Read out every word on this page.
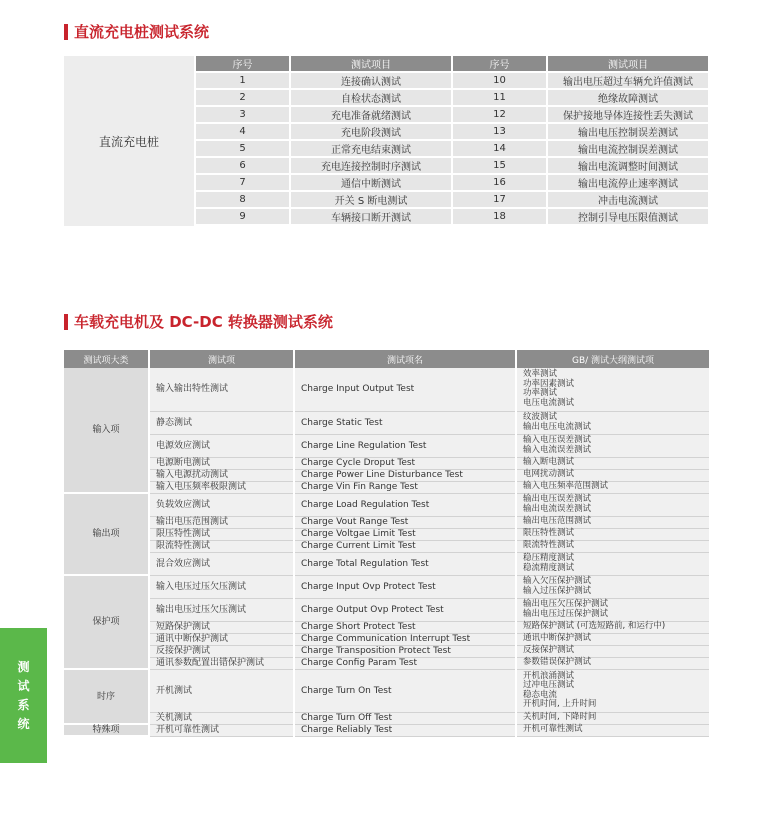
直流充电桩测试系统
直流充电桩
序号	测试项目	序号	测试项目
1	连接确认测试	10	输出电压超过车辆允许值测试
2	自检状态测试	11	绝缘故障测试
3	充电准备就绪测试	12	保护接地导体连接性丢失测试
4	充电阶段测试	13	输出电压控制误差测试
5	正常充电结束测试	14	输出电流控制误差测试
6	充电连接控制时序测试	15	输出电流调整时间测试
7	通信中断测试	16	输出电流停止速率测试
8	开关 S 断电测试	17	冲击电流测试
9	车辆接口断开测试	18	控制引导电压限值测试
车载充电机及 DC-DC 转换器测试系统
测试项大类	测试项	测试项名	GB/ 测试大纲测试项
输入项	输入输出特性测试	Charge Input Output Test	效率测试
功率因素测试
功率测试
电压电流测试

	静态测试	Charge Static Test	纹波测试
输出电压电流测试

	电源效应测试	Charge Line Regulation Test	输入电压误差测试
输入电流误差测试

	电源断电测试	Charge Cycle Droput Test	输入断电测试

	输入电源扰动测试	Charge Power Line Disturbance Test	电网扰动测试

	输入电压频率极限测试	Charge Vin Fin Range Test	输入电压频率范围测试

输出项	负载效应测试	Charge Load Regulation Test	输出电压误差测试
输出电流误差测试

	输出电压范围测试	Charge Vout Range Test	输出电压范围测试

	限压特性测试	Charge Voltgae Limit Test	限压特性测试

	限流特性测试	Charge Current Limit Test	限流特性测试

	混合效应测试	Charge Total Regulation Test	稳压精度测试
稳流精度测试

保护项	输入电压过压欠压测试	Charge Input Ovp Protect Test	输入欠压保护测试
输入过压保护测试

	输出电压过压欠压测试	Charge Output Ovp Protect Test	输出电压欠压保护测试
输出电压过压保护测试

	短路保护测试	Charge Short Protect Test	短路保护测试 (可选短路前, 和运行中)

	通讯中断保护测试	Charge Communication Interrupt Test	通讯中断保护测试

	反接保护测试	Charge Transposition Protect Test	反接保护测试

	通讯参数配置出错保护测试	Charge Config Param Test	参数错误保护测试

时序	开机测试	Charge Turn On Test	开机浪涌测试
过冲电压测试
稳态电流
开机时间, 上升时间

	关机测试	Charge Turn Off Test	关机时间, 下降时间

特殊项	开机可靠性测试	Charge Reliably Test	开机可靠性测试
测试系统
